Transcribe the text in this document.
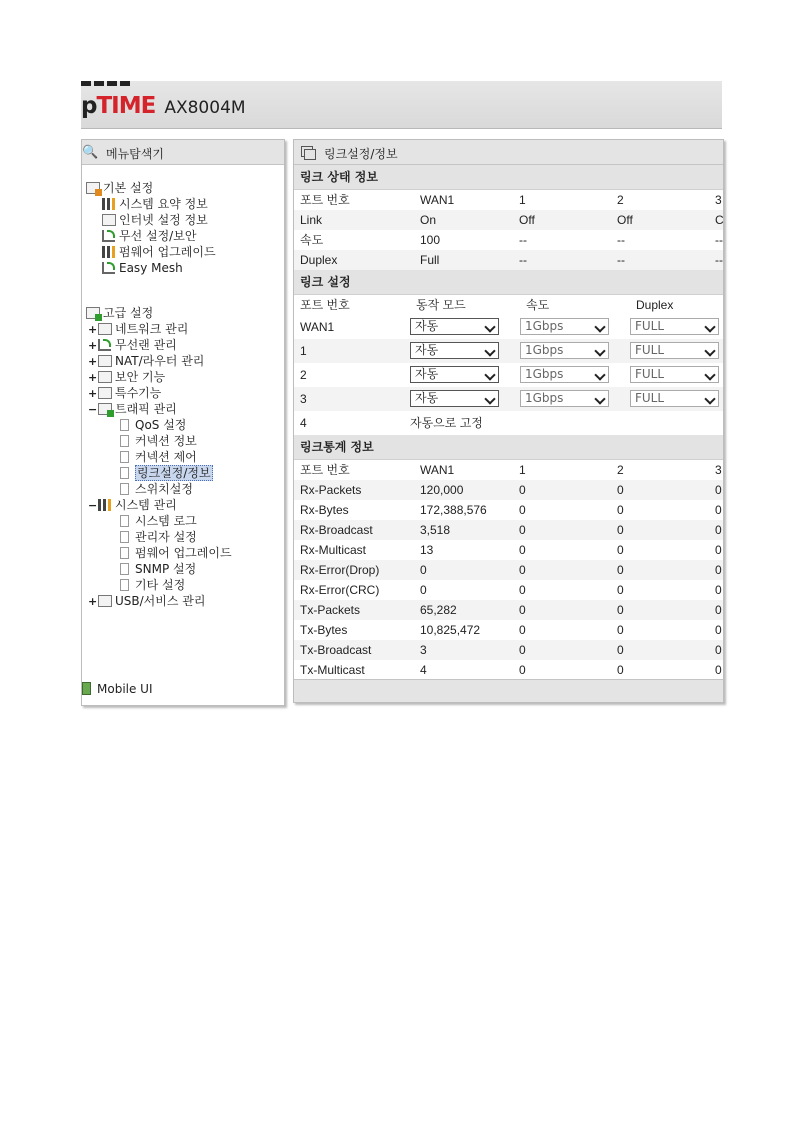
pTIME AX8004M
🔍 메뉴탐색기
기본 설정
시스템 요약 정보
인터넷 설정 정보
무선 설정/보안
펌웨어 업그레이드
Easy Mesh
고급 설정
+ 네트워크 관리
+ 무선랜 관리
+ NAT/라우터 관리
+ 보안 기능
+ 특수기능
− 트래픽 관리
QoS 설정
커넥션 정보
커넥션 제어
링크설정/정보
스위치설정
− 시스템 관리
시스템 로그
관리자 설정
펌웨어 업그레이드
SNMP 설정
기타 설정
+ USB/서비스 관리
Mobile UI
링크설정/정보
링크 상태 정보
포트 번호	WAN1	1	2	3
Link	On	Off	Off	C
속도	100	--	--	--
Duplex	Full	--	--	--
링크 설정
포트 번호	동작 모드	속도	Duplex
WAN1	자동	1Gbps	FULL
1	자동	1Gbps	FULL
2	자동	1Gbps	FULL
3	자동	1Gbps	FULL
4	자동으로 고정
링크통계 정보
포트 번호	WAN1	1	2	3
Rx-Packets	120,000	0	0	0
Rx-Bytes	172,388,576	0	0	0
Rx-Broadcast	3,518	0	0	0
Rx-Multicast	13	0	0	0
Rx-Error(Drop)	0	0	0	0
Rx-Error(CRC)	0	0	0	0
Tx-Packets	65,282	0	0	0
Tx-Bytes	10,825,472	0	0	0
Tx-Broadcast	3	0	0	0
Tx-Multicast	4	0	0	0
